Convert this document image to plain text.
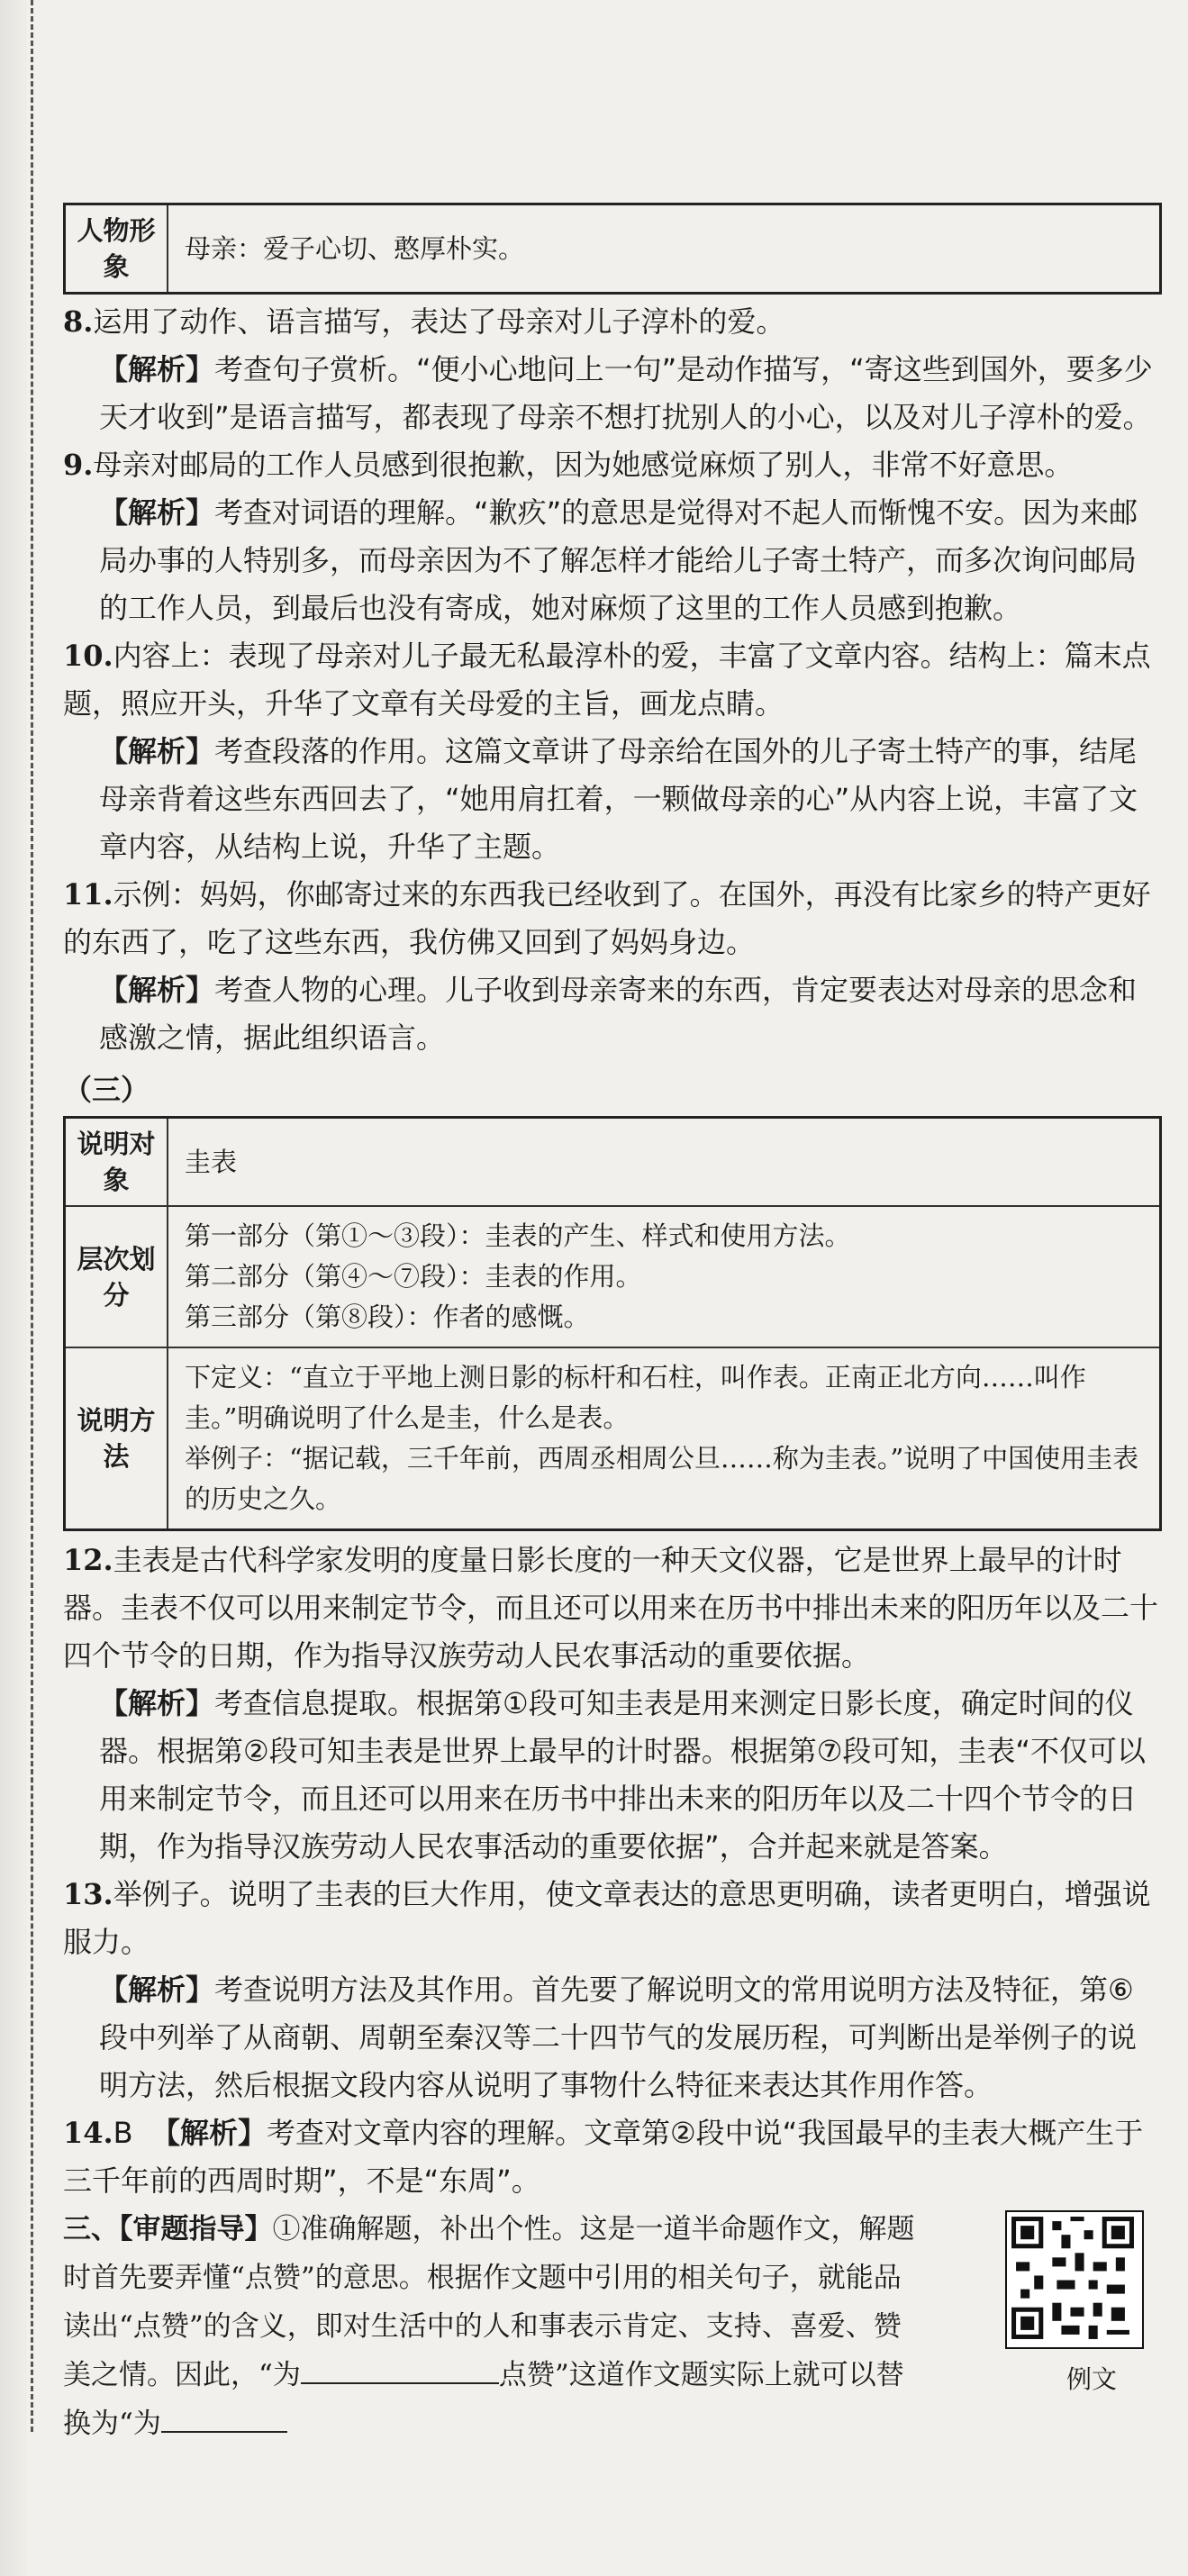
人物形象	母亲：爱子心切、憨厚朴实。

8.运用了动作、语言描写，表达了母亲对儿子淳朴的爱。

【解析】考查句子赏析。“便小心地问上一句”是动作描写，“寄这些到国外，要多少天才收到”是语言描写，都表现了母亲不想打扰别人的小心，以及对儿子淳朴的爱。

9.母亲对邮局的工作人员感到很抱歉，因为她感觉麻烦了别人，非常不好意思。

【解析】考查对词语的理解。“歉疚”的意思是觉得对不起人而惭愧不安。因为来邮局办事的人特别多，而母亲因为不了解怎样才能给儿子寄土特产，而多次询问邮局的工作人员，到最后也没有寄成，她对麻烦了这里的工作人员感到抱歉。

10.内容上：表现了母亲对儿子最无私最淳朴的爱，丰富了文章内容。结构上：篇末点题，照应开头，升华了文章有关母爱的主旨，画龙点睛。

【解析】考查段落的作用。这篇文章讲了母亲给在国外的儿子寄土特产的事，结尾母亲背着这些东西回去了，“她用肩扛着，一颗做母亲的心”从内容上说，丰富了文章内容，从结构上说，升华了主题。

11.示例：妈妈，你邮寄过来的东西我已经收到了。在国外，再没有比家乡的特产更好的东西了，吃了这些东西，我仿佛又回到了妈妈身边。

【解析】考查人物的心理。儿子收到母亲寄来的东西，肯定要表达对母亲的思念和感激之情，据此组织语言。

（三）
说明对象	圭表

层次划分	第一部分（第①～③段）：圭表的产生、样式和使用方法。
第二部分（第④～⑦段）：圭表的作用。
第三部分（第⑧段）：作者的感慨。

说明方法	下定义：“直立于平地上测日影的标杆和石柱，叫作表。正南正北方向……叫作圭。”明确说明了什么是圭，什么是表。
举例子：“据记载，三千年前，西周丞相周公旦……称为圭表。”说明了中国使用圭表的历史之久。

12.圭表是古代科学家发明的度量日影长度的一种天文仪器，它是世界上最早的计时器。圭表不仅可以用来制定节令，而且还可以用来在历书中排出未来的阳历年以及二十四个节令的日期，作为指导汉族劳动人民农事活动的重要依据。

【解析】考查信息提取。根据第①段可知圭表是用来测定日影长度，确定时间的仪器。根据第②段可知圭表是世界上最早的计时器。根据第⑦段可知，圭表“不仅可以用来制定节令，而且还可以用来在历书中排出未来的阳历年以及二十四个节令的日期，作为指导汉族劳动人民农事活动的重要依据”，合并起来就是答案。

13.举例子。说明了圭表的巨大作用，使文章表达的意思更明确，读者更明白，增强说服力。

【解析】考查说明方法及其作用。首先要了解说明文的常用说明方法及特征，第⑥段中列举了从商朝、周朝至秦汉等二十四节气的发展历程，可判断出是举例子的说明方法，然后根据文段内容从说明了事物什么特征来表达其作用作答。

14.B 【解析】考查对文章内容的理解。文章第②段中说“我国最早的圭表大概产生于三千年前的西周时期”，不是“东周”。

三、【审题指导】①准确解题，补出个性。这是一道半命题作文，解题时首先要弄懂“点赞”的意思。根据作文题中引用的相关句子，就能品读出“点赞”的含义，即对生活中的人和事表示肯定、支持、喜爱、赞美之情。因此，“为	点赞”这道作文题实际上就可以替换为“为

例文
